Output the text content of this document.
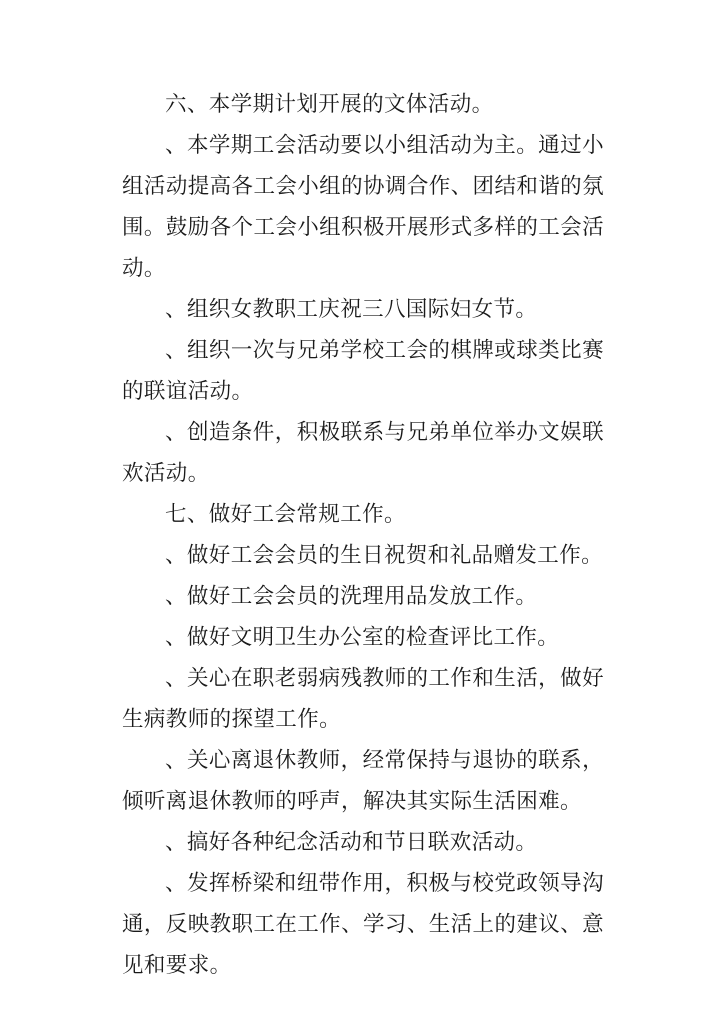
六、本学期计划开展的文体活动。

、本学期工会活动要以小组活动为主。通过小组活动提高各工会小组的协调合作、团结和谐的氛围。鼓励各个工会小组积极开展形式多样的工会活动。

、组织女教职工庆祝三八国际妇女节。

、组织一次与兄弟学校工会的棋牌或球类比赛的联谊活动。

、创造条件，积极联系与兄弟单位举办文娱联欢活动。

七、做好工会常规工作。

、做好工会会员的生日祝贺和礼品赠发工作。

、做好工会会员的洗理用品发放工作。

、做好文明卫生办公室的检查评比工作。

、关心在职老弱病残教师的工作和生活，做好生病教师的探望工作。

、关心离退休教师，经常保持与退协的联系，倾听离退休教师的呼声，解决其实际生活困难。

、搞好各种纪念活动和节日联欢活动。

、发挥桥梁和纽带作用，积极与校党政领导沟通，反映教职工在工作、学习、生活上的建议、意见和要求。
